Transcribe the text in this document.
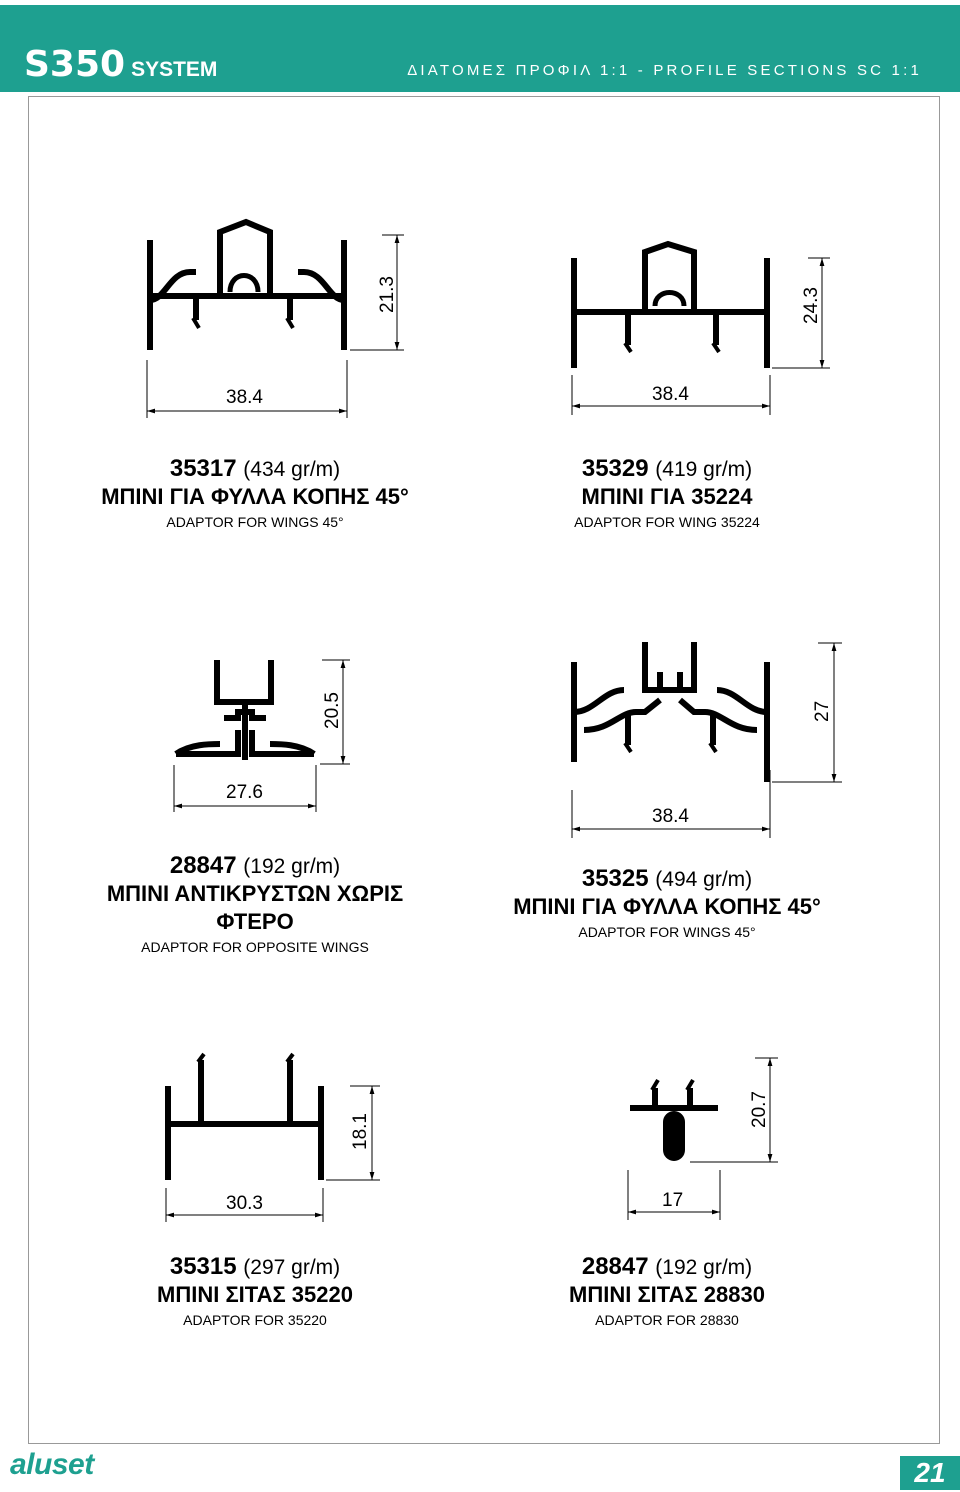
S350 SYSTEM	ΔΙΑΤΟΜΕΣ ΠΡΟΦΙΛ 1:1 - PROFILE SECTIONS SC 1:1
38.4
21.3
38.4
24.3
27.6
20.5
38.4
27
30.3
18.1
17
20.7
35317 (434 gr/m)
ΜΠΙΝΙ ΓΙΑ ΦΥΛΛΑ ΚΟΠΗΣ 45°
ADAPTOR FOR WINGS 45°
35329 (419 gr/m)
ΜΠΙΝΙ ΓΙΑ 35224
ADAPTOR FOR WING 35224
28847 (192 gr/m)
ΜΠΙΝΙ ΑΝΤΙΚΡΥΣΤΩΝ ΧΩΡΙΣ
ΦΤΕΡΟ
ADAPTOR FOR OPPOSITE WINGS
35325 (494 gr/m)
ΜΠΙΝΙ ΓΙΑ ΦΥΛΛΑ ΚΟΠΗΣ 45°
ADAPTOR FOR WINGS 45°
35315 (297 gr/m)
ΜΠΙΝΙ ΣΙΤΑΣ 35220
ADAPTOR FOR 35220
28847 (192 gr/m)
ΜΠΙΝΙ ΣΙΤΑΣ 28830
ADAPTOR FOR 28830
aluset	21
